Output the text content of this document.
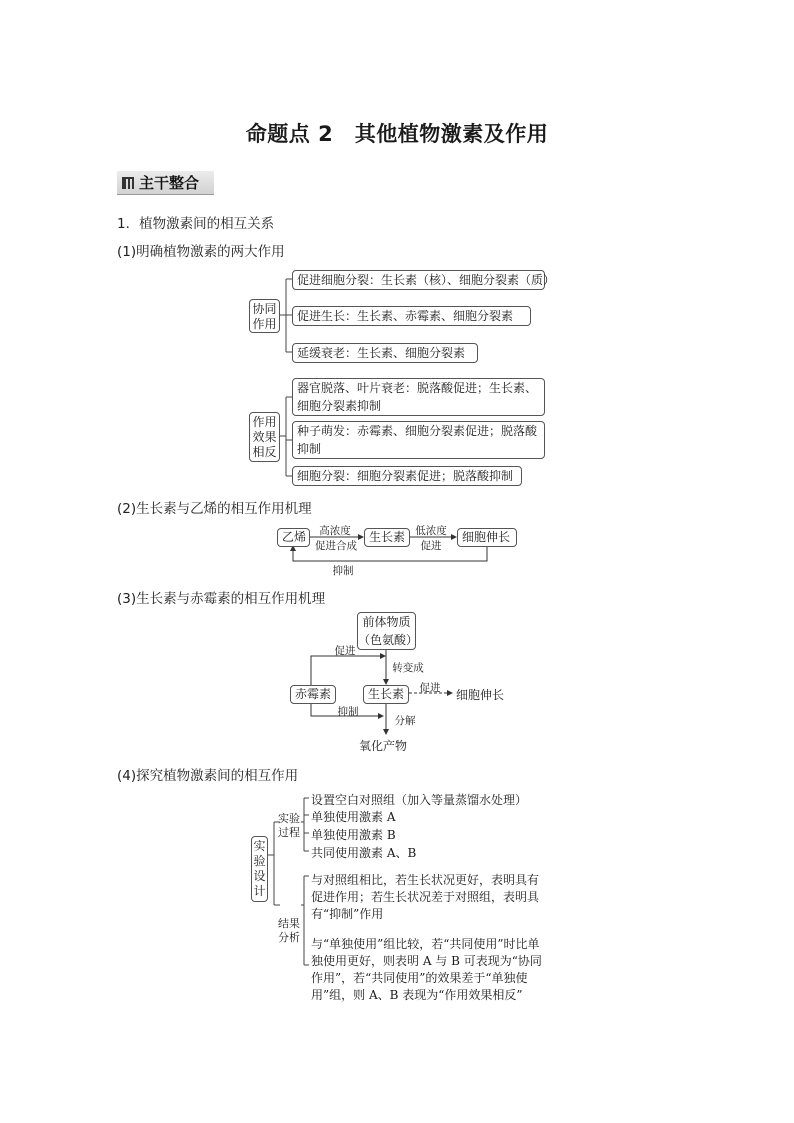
命题点 2　其他植物激素及作用
主干整合
1．植物激素间的相互关系
(1)明确植物激素的两大作用
协同作用
促进细胞分裂：生长素（核）、细胞分裂素（质）
促进生长：生长素、赤霉素、细胞分裂素
延缓衰老：生长素、细胞分裂素
作用效果相反
器官脱落、叶片衰老：脱落酸促进；生长素、细胞分裂素抑制
种子萌发：赤霉素、细胞分裂素促进；脱落酸抑制
细胞分裂：细胞分裂素促进；脱落酸抑制
(2)生长素与乙烯的相互作用机理
乙烯	生长素	细胞伸长
高浓度
促进合成
低浓度
促进
抑制
(3)生长素与赤霉素的相互作用机理
前体物质
（色氨酸）
促进
转变成
赤霉素	生长素	促进	细胞伸长
抑制
分解
氧化产物
(4)探究植物激素间的相互作用
实验设计
实验过程
设置空白对照组（加入等量蒸馏水处理）
单独使用激素 A
单独使用激素 B
共同使用激素 A、B
结果分析
与对照组相比，若生长状况更好，表明具有促进作用；若生长状况差于对照组，表明具有“抑制”作用
与“单独使用”组比较，若“共同使用”时比单独使用更好，则表明 A 与 B 可表现为“协同作用”，若“共同使用”的效果差于“单独使用”组，则 A、B 表现为“作用效果相反”
